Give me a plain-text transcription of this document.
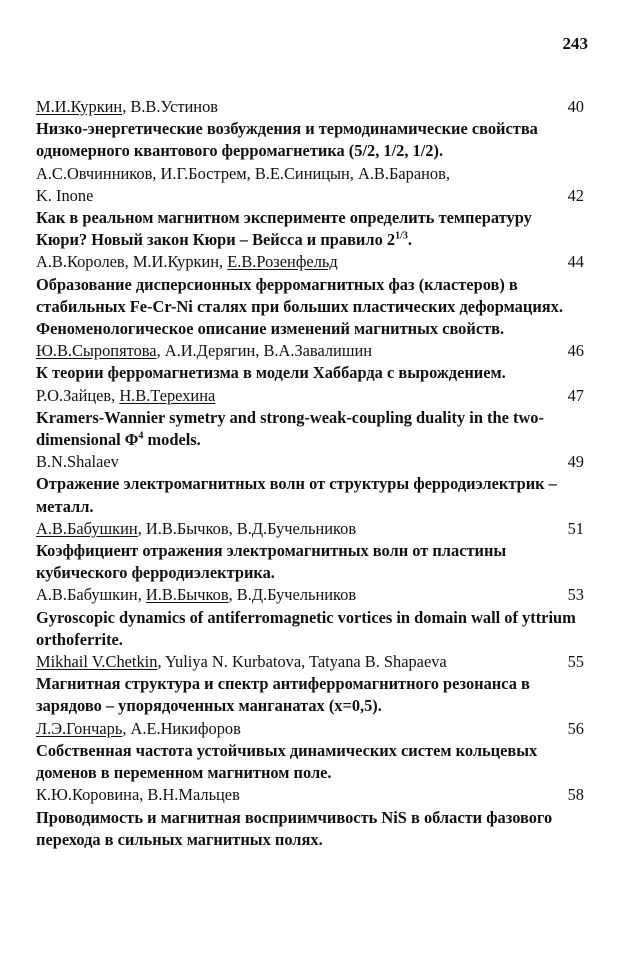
243
М.И.Куркин, В.В.Устинов	40

Низко-энергетические возбуждения и термодинамические свойства одномерного квантового ферромагнетика (5/2, 1/2, 1/2).

А.С.Овчинников, И.Г.Бострем, В.Е.Синицын, А.В.Баранов,
K. Inone	42

Как в реальном магнитном эксперименте определить температуру Кюри? Новый закон Кюри – Вейсса и правило $2^{1/3}$.

А.В.Королев, М.И.Куркин, Е.В.Розенфельд	44

Образование дисперсионных ферромагнитных фаз (кластеров) в стабильных Fe-Cr-Ni сталях при больших пластических деформациях. Феноменологическое описание изменений магнитных свойств.

Ю.В.Сыропятова, А.И.Дерягин, В.А.Завалишин	46

К теории ферромагнетизма в модели Хаббарда с вырождением.

Р.О.Зайцев, Н.В.Терехина	47

Kramers-Wannier symetry and strong-weak-coupling duality in the two-dimensional $\Phi^4$ models.

B.N.Shalaev	49

Отражение электромагнитных волн от структуры ферродиэлектрик – металл.

А.В.Бабушкин, И.В.Бычков, В.Д.Бучельников	51

Коэффициент отражения электромагнитных волн от пластины кубического ферродиэлектрика.

А.В.Бабушкин, И.В.Бычков, В.Д.Бучельников	53

Gyroscopic dynamics of antiferromagnetic vortices in domain wall of yttrium orthoferrite.

Mikhail V.Chetkin, Yuliya N. Kurbatova, Tatyana B. Shapaeva	55

Магнитная структура и спектр антиферромагнитного резонанса в зарядово – упорядоченных манганатах (x=0,5).

Л.Э.Гончарь, А.Е.Никифоров	56

Собственная частота устойчивых динамических систем кольцевых доменов в переменном магнитном поле.

К.Ю.Коровина, В.Н.Мальцев	58

Проводимость и магнитная восприимчивость NiS в области фазового перехода в сильных магнитных полях.
